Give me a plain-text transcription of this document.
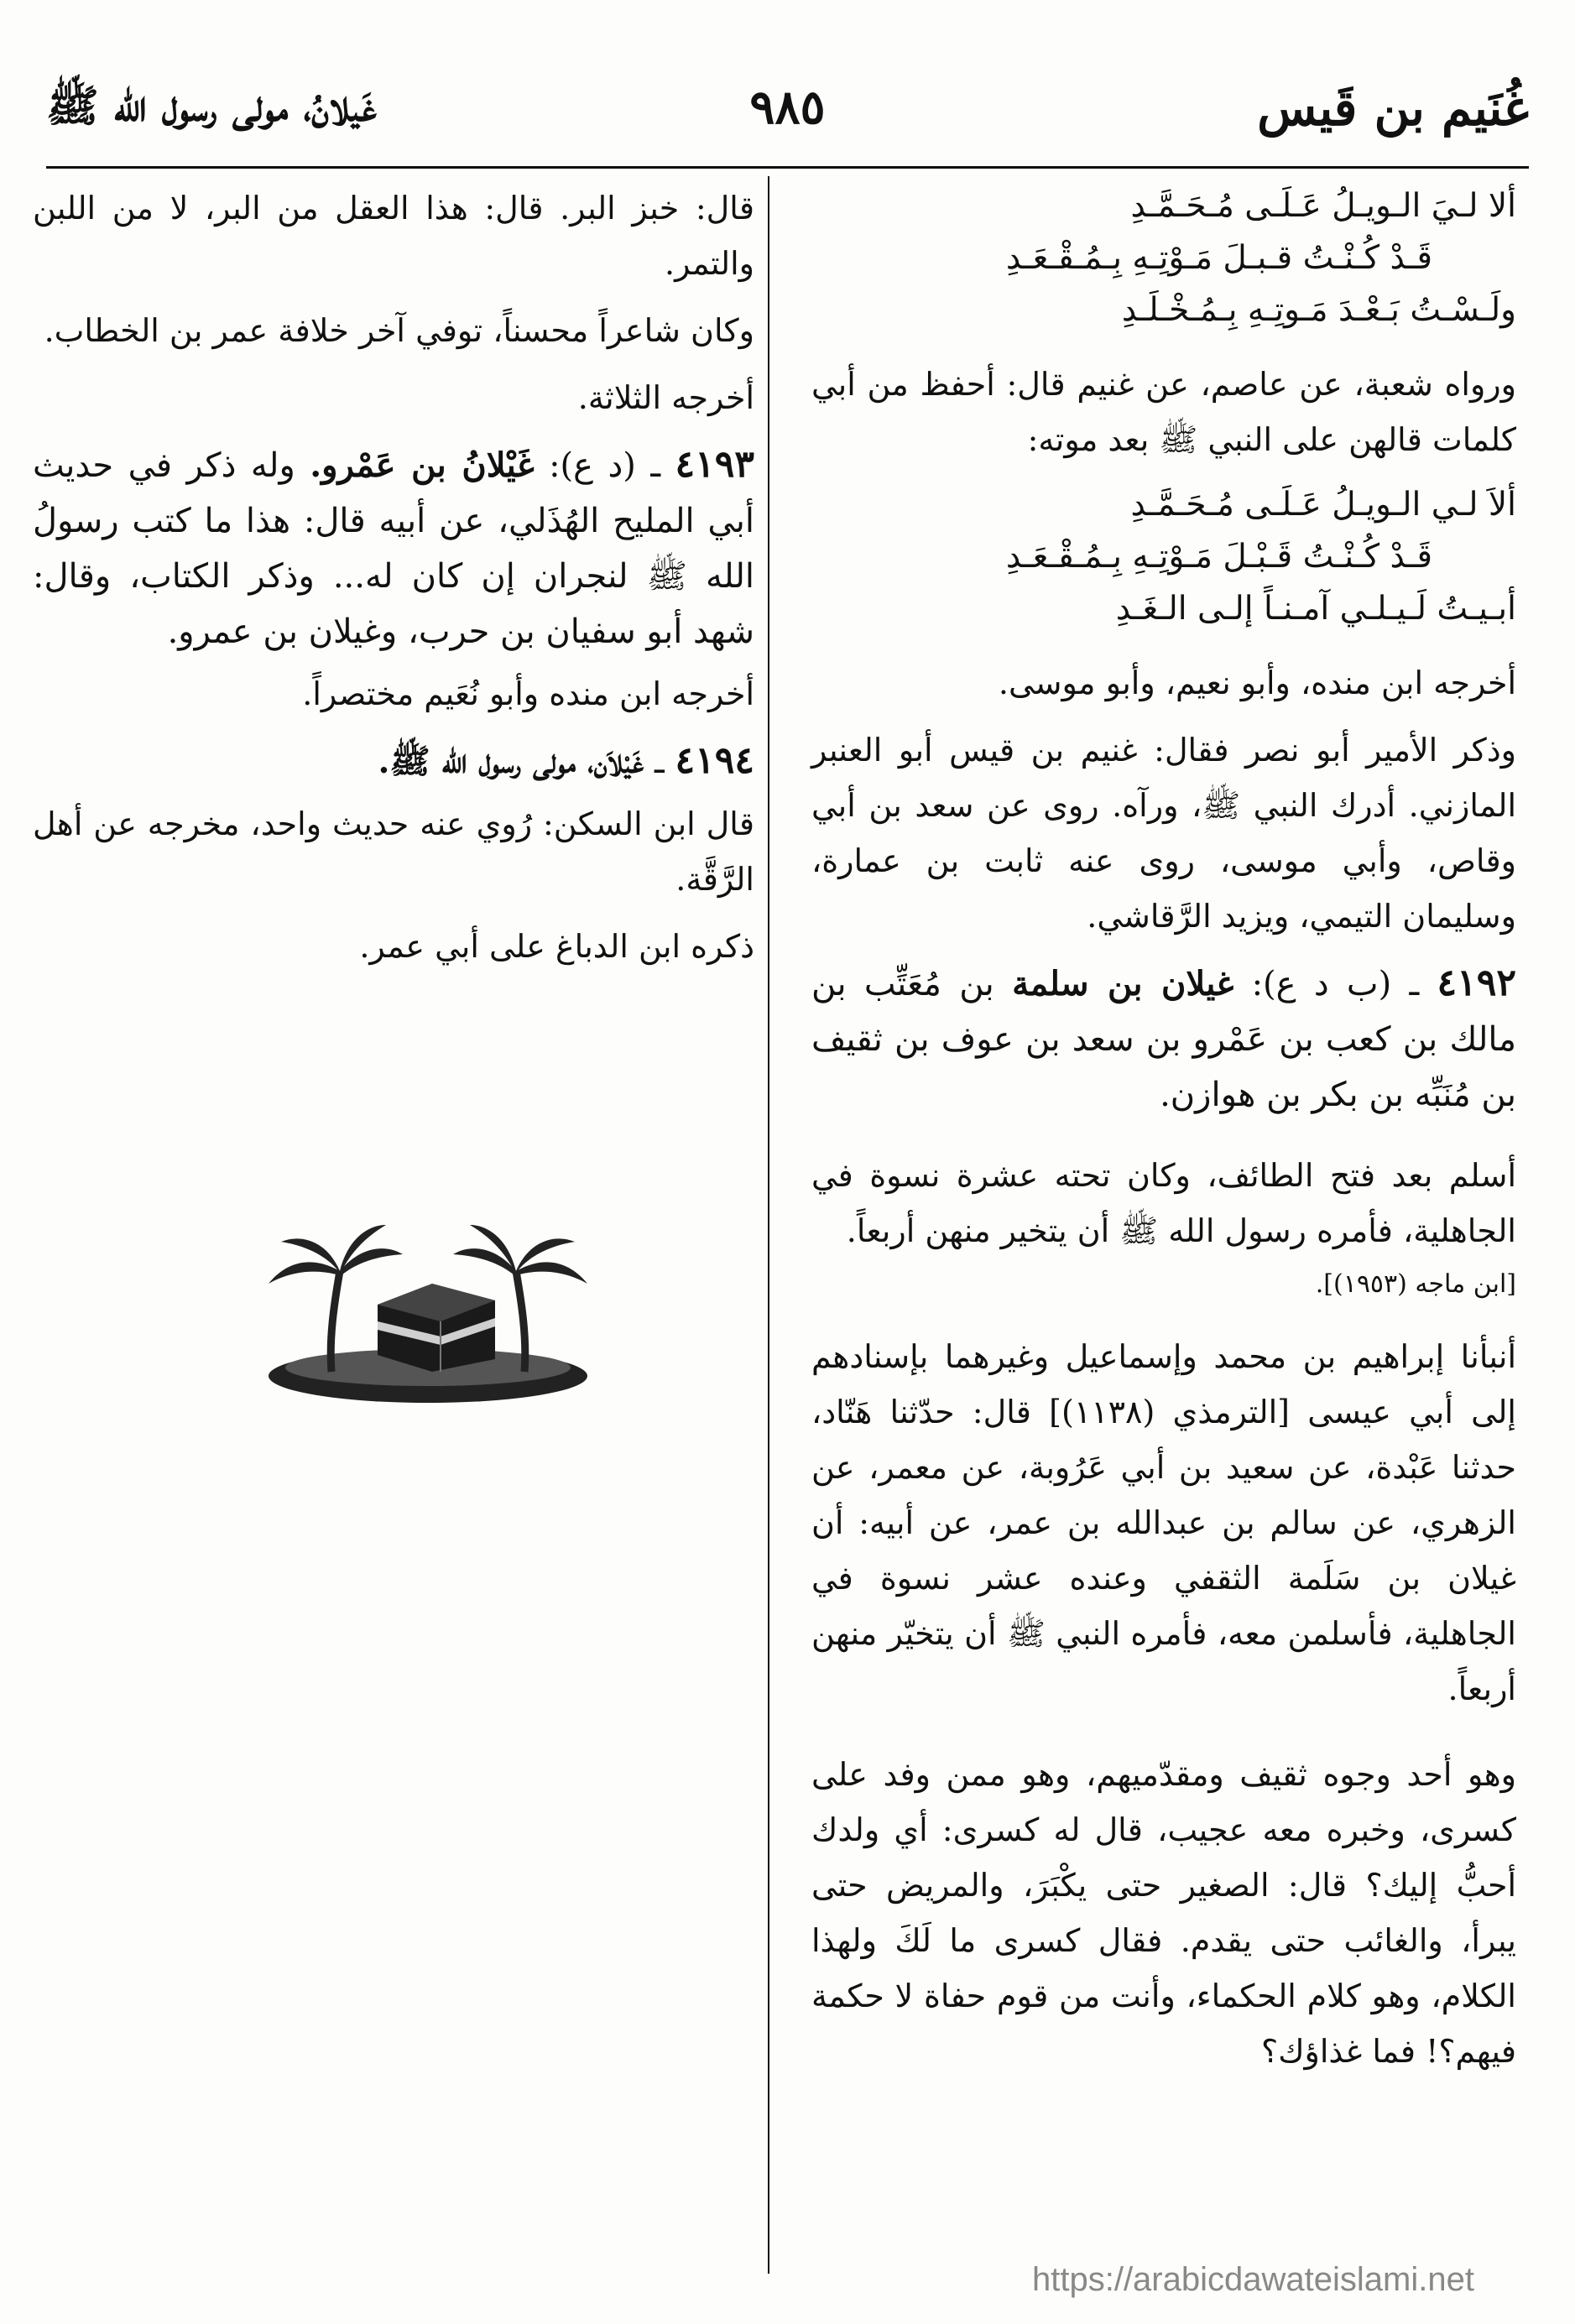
غُنَيم بن قَيس
٩٨٥
غَيلانُ، مولى رسول الله ﷺ

ألا لـيَ الـويـلُ عَـلَـى مُـحَـمَّـدِ

قَـدْ كُـنْـتُ قـبـلَ مَـوْتِـهِ بِـمُـقْـعَـدِ

ولَـسْـتُ بَـعْـدَ مَـوتِـهِ بِـمُـخْـلَـدِ

ورواه شعبة، عن عاصم، عن غنيم قال: أحفظ من أبي كلمات قالهن على النبي ﷺ بعد موته:

ألاَ لـي الـويـلُ عَـلَـى مُـحَـمَّـدِ

قَـدْ كُـنْـتُ قَـبْـلَ مَـوْتِـهِ بِـمُـقْـعَـدِ

أبـيـتُ لَـيـلـي آمـنـاً إلـى الـغَـدِ

أخرجه ابن منده، وأبو نعيم، وأبو موسى.

وذكر الأمير أبو نصر فقال: غنيم بن قيس أبو العنبر المازني. أدرك النبي ﷺ، ورآه. روى عن سعد بن أبي وقاص، وأبي موسى، روى عنه ثابت بن عمارة، وسليمان التيمي، ويزيد الرَّقاشي.

٤١٩٢ ـ (ب د ع): غيلان بن سلمة بن مُعَتِّب بن مالك بن كعب بن عَمْرو بن سعد بن عوف بن ثقيف بن مُنَبِّه بن بكر بن هوازن.

أسلم بعد فتح الطائف، وكان تحته عشرة نسوة في الجاهلية، فأمره رسول الله ﷺ أن يتخير منهن أربعاً.

[ابن ماجه (١٩٥٣)].

أنبأنا إبراهيم بن محمد وإسماعيل وغيرهما بإسنادهم إلى أبي عيسى [الترمذي (١١٣٨)] قال: حدّثنا هَنّاد، حدثنا عَبْدة، عن سعيد بن أبي عَرُوبة، عن معمر، عن الزهري، عن سالم بن عبدالله بن عمر، عن أبيه: أن غيلان بن سَلَمة الثقفي وعنده عشر نسوة في الجاهلية، فأسلمن معه، فأمره النبي ﷺ أن يتخيّر منهن أربعاً.

وهو أحد وجوه ثقيف ومقدّميهم، وهو ممن وفد على كسرى، وخبره معه عجيب، قال له كسرى: أي ولدك أحبُّ إليك؟ قال: الصغير حتى يكْبَرَ، والمريض حتى يبرأ، والغائب حتى يقدم. فقال كسرى ما لَكَ ولهذا الكلام، وهو كلام الحكماء، وأنت من قوم حفاة لا حكمة فيهم؟! فما غذاؤك؟

قال: خبز البر. قال: هذا العقل من البر، لا من اللبن والتمر.

وكان شاعراً محسناً، توفي آخر خلافة عمر بن الخطاب.

أخرجه الثلاثة.

٤١٩٣ ـ (د ع): غَيْلانُ بن عَمْرو. وله ذكر في حديث أبي المليح الهُذَلي، عن أبيه قال: هذا ما كتب رسولُ الله ﷺ لنجران إن كان له... وذكر الكتاب، وقال: شهد أبو سفيان بن حرب، وغيلان بن عمرو.

أخرجه ابن منده وأبو نُعَيم مختصراً.

٤١٩٤ ـ غَيْلاَن، مولى رسول الله ﷺ.

قال ابن السكن: رُوي عنه حديث واحد، مخرجه عن أهل الرَّقَّة.

ذكره ابن الدباغ على أبي عمر.

https://arabicdawateislami.net
